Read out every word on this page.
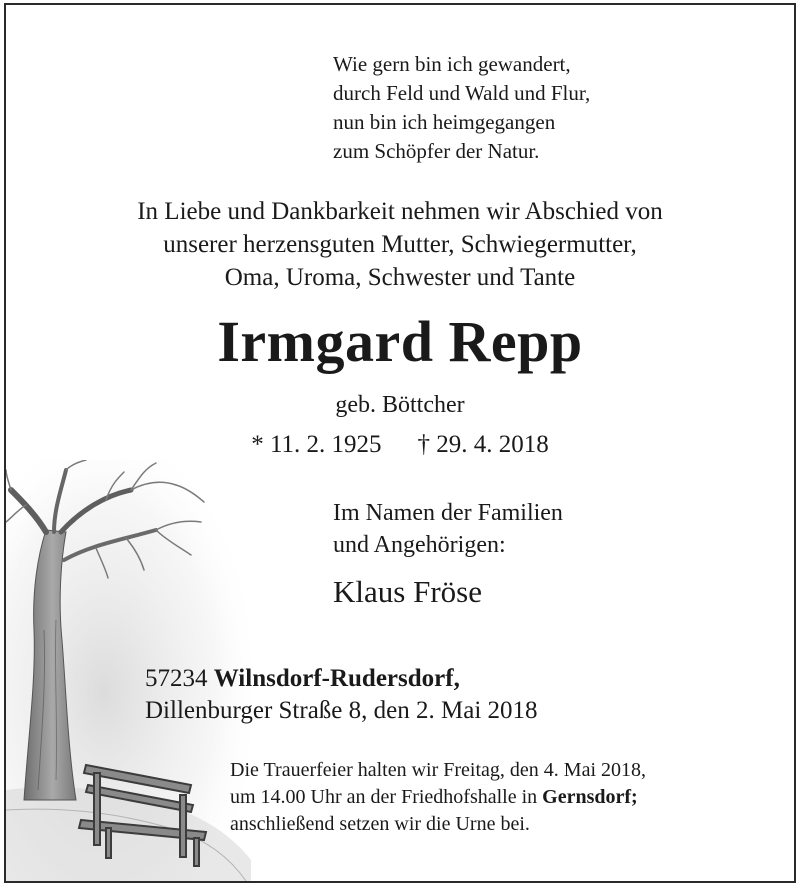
Wie gern bin ich gewandert,
durch Feld und Wald und Flur,
nun bin ich heimgegangen
zum Schöpfer der Natur.
In Liebe und Dankbarkeit nehmen wir Abschied von
unserer herzensguten Mutter, Schwiegermutter,
Oma, Uroma, Schwester und Tante
Irmgard Repp
geb. Böttcher
* 11. 2. 1925 † 29. 4. 2018
Im Namen der Familien
und Angehörigen:
Klaus Fröse
57234 Wilnsdorf-Rudersdorf,
Dillenburger Straße 8, den 2. Mai 2018
Die Trauerfeier halten wir Freitag, den 4. Mai 2018,
um 14.00 Uhr an der Friedhofshalle in Gernsdorf;
anschließend setzen wir die Urne bei.
